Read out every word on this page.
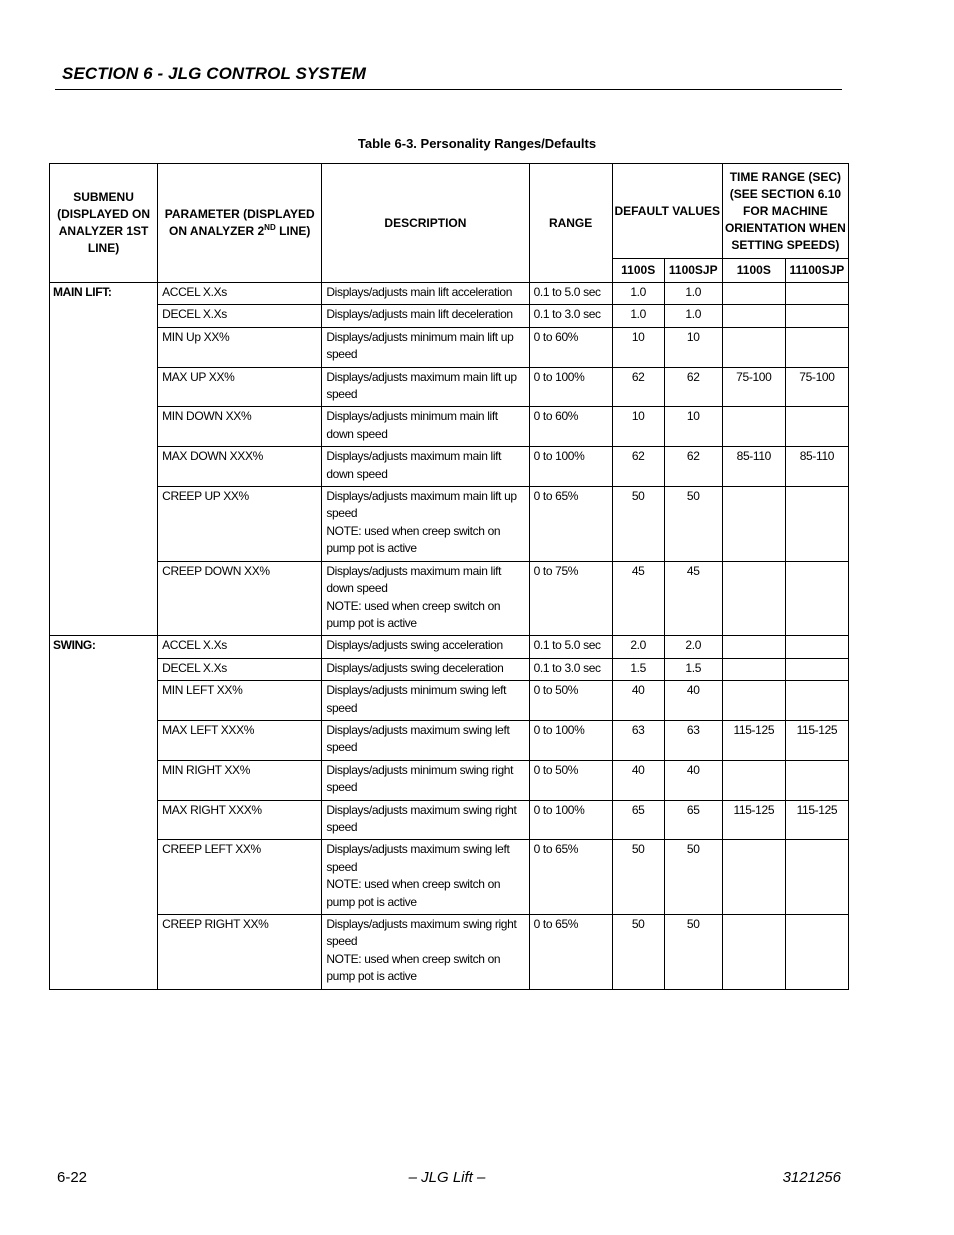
SECTION 6 - JLG CONTROL SYSTEM
Table 6-3. Personality Ranges/Defaults
SUBMENU (DISPLAYED ON ANALYZER 1ST LINE)	PARAMETER (DISPLAYED ON ANALYZER 2ND LINE)	DESCRIPTION	RANGE	DEFAULT VALUES		TIME RANGE (SEC) (SEE SECTION 6.10 FOR MACHINE ORIENTATION WHEN SETTING SPEEDS)	
				1100S	1100SJP	1100S	11100SJP
MAIN LIFT:	ACCEL X.Xs	Displays/adjusts main lift acceleration	0.1 to 5.0 sec	1.0	1.0		
	DECEL X.Xs	Displays/adjusts main lift deceleration	0.1 to 3.0 sec	1.0	1.0		
	MIN Up XX%	Displays/adjusts minimum main lift up speed	0 to 60%	10	10		
	MAX UP XX%	Displays/adjusts maximum main lift up speed	0 to 100%	62	62	75-100	75-100
	MIN DOWN XX%	Displays/adjusts minimum main lift down speed	0 to 60%	10	10		
	MAX DOWN XXX%	Displays/adjusts maximum main lift down speed	0 to 100%	62	62	85-110	85-110
	CREEP UP XX%	Displays/adjusts maximum main lift up speed
NOTE: used when creep switch on pump pot is active	0 to 65%	50	50		
	CREEP DOWN XX%	Displays/adjusts maximum main lift down speed
NOTE: used when creep switch on pump pot is active	0 to 75%	45	45		
SWING:	ACCEL X.Xs	Displays/adjusts swing acceleration	0.1 to 5.0 sec	2.0	2.0		
	DECEL X.Xs	Displays/adjusts swing deceleration	0.1 to 3.0 sec	1.5	1.5		
	MIN LEFT XX%	Displays/adjusts minimum swing left speed	0 to 50%	40	40		
	MAX LEFT XXX%	Displays/adjusts maximum swing left speed	0 to 100%	63	63	115-125	115-125
	MIN RIGHT XX%	Displays/adjusts minimum swing right speed	0 to 50%	40	40		
	MAX RIGHT XXX%	Displays/adjusts maximum swing right speed	0 to 100%	65	65	115-125	115-125
	CREEP LEFT XX%	Displays/adjusts maximum swing left speed
NOTE: used when creep switch on pump pot is active	0 to 65%	50	50		
	CREEP RIGHT XX%	Displays/adjusts maximum swing right speed
NOTE: used when creep switch on pump pot is active	0 to 65%	50	50		
6-22	– JLG Lift –	3121256
